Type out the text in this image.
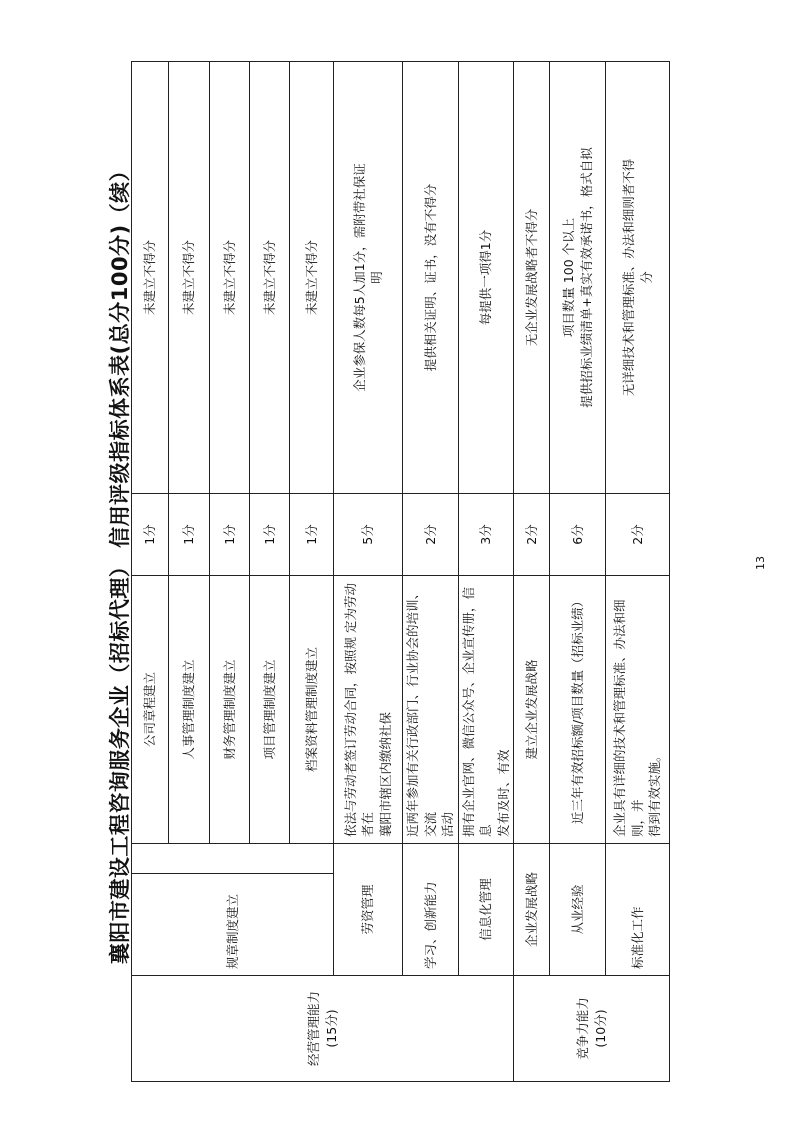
襄阳市建设工程咨询服务企业（招标代理） 信用评级指标体系表(总分100分)（续）
经营管理能力 (15分)	规章制度建立		公司章程建立	1分	未建立不得分
			人事管理制度建立	1分	未建立不得分
			财务管理制度建立	1分	未建立不得分
			项目管理制度建立	1分	未建立不得分
			档案资料管理制度建立	1分	未建立不得分
	劳资管理		依法与劳动者签订劳动合同，按照规 定为劳动者在 襄阳市辖区内缴纳社保	5分	企业参保人数每5人加1分，需附带社保证 明

	学习、创新能力		近两年参加有关行政部门、行业协会的培训、交流 活动	2分	提供相关证明、证书，没有不得分
	信息化管理		拥有企业官网、微信公众号、企业宣传册，信息 发布及时、有效	3分	每提供一项得1分

竞争力能力 (10分)	企业发展战略		建立企业发展战略	2分	无企业发展战略者不得分
	从业经验		近三年有效招标额/项目数量（招标业绩）	6分	项目数量 100 个以上 提供招标业绩清单+真实有效承诺书，格式自拟

	标准化工作		企业具有详细的技术和管理标准、办法和细则，并 得到有效实施。	2分	无详细技术和管理标准、办法和细则者不得 分
13
